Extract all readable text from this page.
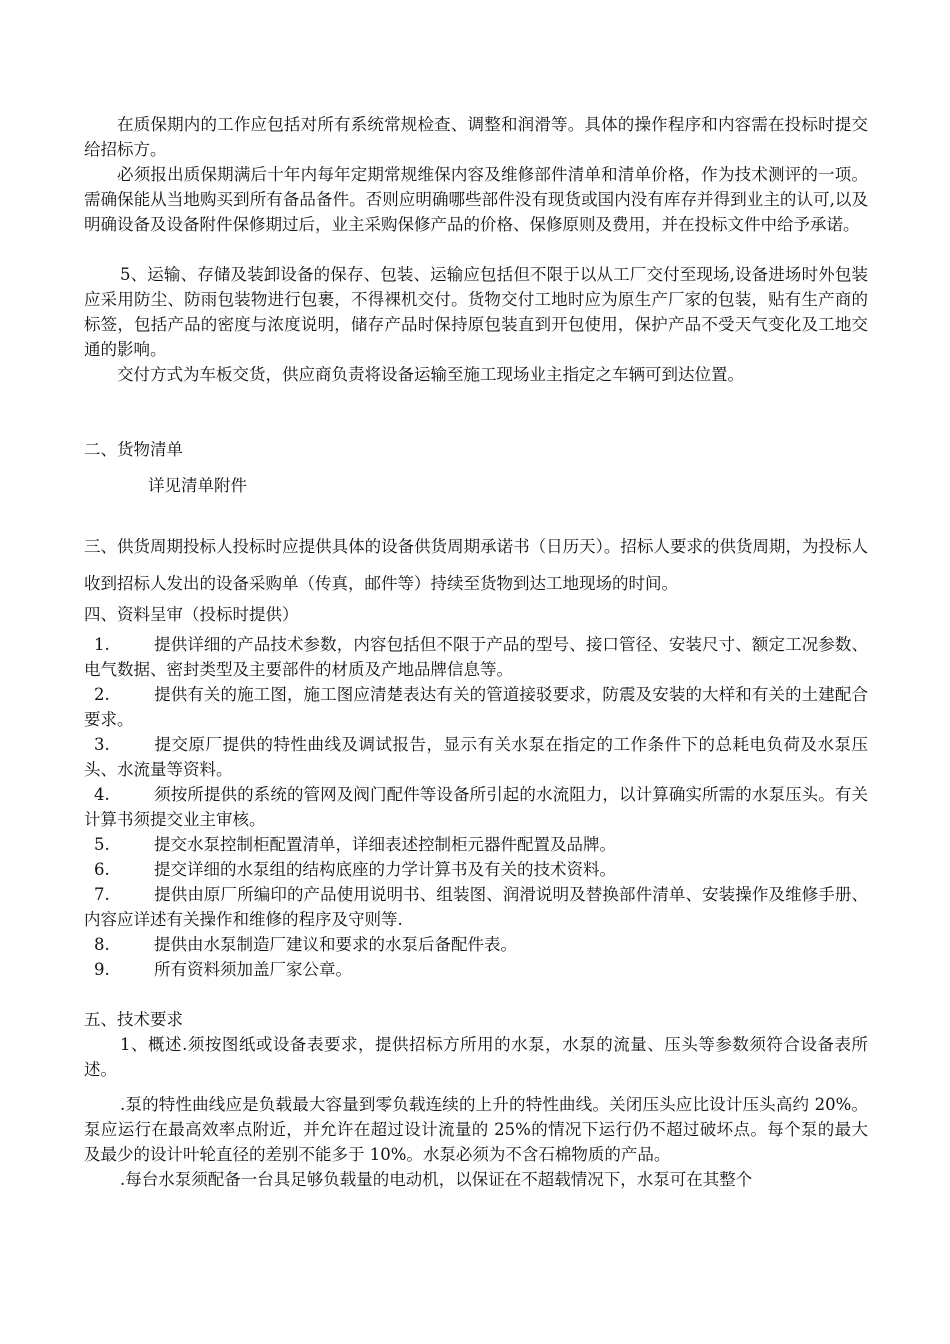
在质保期内的工作应包括对所有系统常规检查、调整和润滑等。具体的操作程序和内容需在投标时提交给招标方。

必须报出质保期满后十年内每年定期常规维保内容及维修部件清单和清单价格，作为技术测评的一项。需确保能从当地购买到所有备品备件。否则应明确哪些部件没有现货或国内没有库存并得到业主的认可,以及明确设备及设备附件保修期过后，业主采购保修产品的价格、保修原则及费用，并在投标文件中给予承诺。

5、运输、存储及装卸设备的保存、包装、运输应包括但不限于以从工厂交付至现场,设备进场时外包装应采用防尘、防雨包装物进行包裹，不得裸机交付。货物交付工地时应为原生产厂家的包装，贴有生产商的标签，包括产品的密度与浓度说明，储存产品时保持原包装直到开包使用，保护产品不受天气变化及工地交通的影响。

交付方式为车板交货，供应商负责将设备运输至施工现场业主指定之车辆可到达位置。

二、货物清单

详见清单附件

三、供货周期投标人投标时应提供具体的设备供货周期承诺书（日历天）。招标人要求的供货周期，为投标人收到招标人发出的设备采购单（传真，邮件等）持续至货物到达工地现场的时间。

四、资料呈审（投标时提供）

1.	提供详细的产品技术参数，内容包括但不限于产品的型号、接口管径、安装尺寸、额定工况参数、电气数据、密封类型及主要部件的材质及产地品牌信息等。

2.	提供有关的施工图，施工图应清楚表达有关的管道接驳要求，防震及安装的大样和有关的土建配合要求。

3.	提交原厂提供的特性曲线及调试报告，显示有关水泵在指定的工作条件下的总耗电负荷及水泵压头、水流量等资料。

4.	须按所提供的系统的管网及阀门配件等设备所引起的水流阻力，以计算确实所需的水泵压头。有关计算书须提交业主审核。

5.	提交水泵控制柜配置清单，详细表述控制柜元器件配置及品牌。

6.	提交详细的水泵组的结构底座的力学计算书及有关的技术资料。

7.	提供由原厂所编印的产品使用说明书、组装图、润滑说明及替换部件清单、安装操作及维修手册、内容应详述有关操作和维修的程序及守则等.

8.	提供由水泵制造厂建议和要求的水泵后备配件表。

9.	所有资料须加盖厂家公章。

五、技术要求

1、概述.须按图纸或设备表要求，提供招标方所用的水泵，水泵的流量、压头等参数须符合设备表所述。

.泵的特性曲线应是负载最大容量到零负载连续的上升的特性曲线。关闭压头应比设计压头高约 20%。泵应运行在最高效率点附近，并允许在超过设计流量的 25%的情况下运行仍不超过破坏点。每个泵的最大及最少的设计叶轮直径的差别不能多于 10%。水泵必须为不含石棉物质的产品。

.每台水泵须配备一台具足够负载量的电动机，以保证在不超载情况下，水泵可在其整个
